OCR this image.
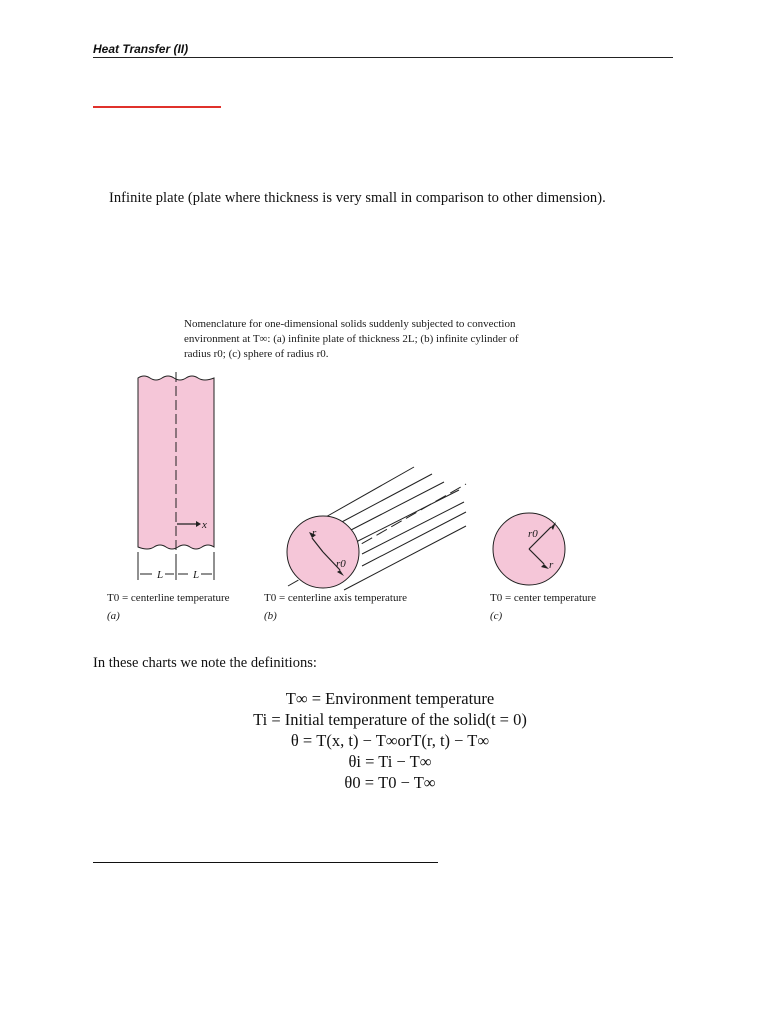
Heat Transfer (II)
Infinite plate (plate where thickness is very small in comparison to other dimension).
Nomenclature for one-dimensional solids suddenly subjected to convection
environment at T∞: (a) infinite plate of thickness 2L; (b) infinite cylinder of
radius r0; (c) sphere of radius r0.
x
L	L
T0 = centerline temperature
(a)
r
r0
T0 = centerline axis temperature
(b)
r0
r
T0 = center temperature
(c)
In these charts we note the definitions:
T∞ = Environment temperature
Ti = Initial temperature of the solid(t = 0)
θ = T(x, t) − T∞orT(r, t) − T∞
θi = Ti − T∞
θ0 = T0 − T∞
